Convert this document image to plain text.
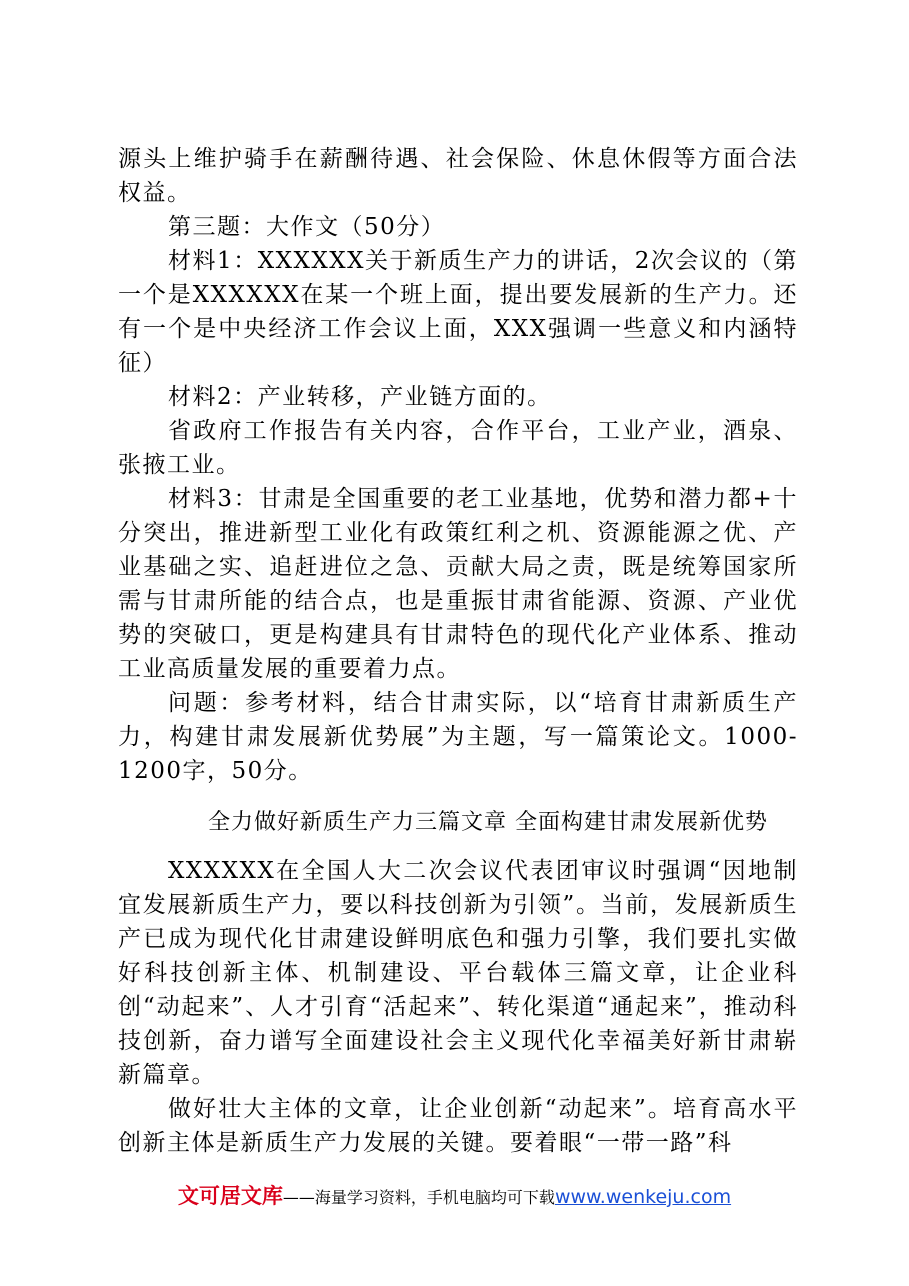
源头上维护骑手在薪酬待遇、社会保险、休息休假等方面合法权益。

第三题：大作文（50分）

材料1：XXXXXX关于新质生产力的讲话，2次会议的（第一个是XXXXXX在某一个班上面，提出要发展新的生产力。还有一个是中央经济工作会议上面，XXX强调一些意义和内涵特征）

材料2：产业转移，产业链方面的。

省政府工作报告有关内容，合作平台，工业产业，酒泉、张掖工业。

材料3：甘肃是全国重要的老工业基地，优势和潜力都+十分突出，推进新型工业化有政策红利之机、资源能源之优、产业基础之实、追赶进位之急、贡献大局之责，既是统筹国家所需与甘肃所能的结合点，也是重振甘肃省能源、资源、产业优势的突破口，更是构建具有甘肃特色的现代化产业体系、推动工业高质量发展的重要着力点。

问题：参考材料，结合甘肃实际，以“培育甘肃新质生产力，构建甘肃发展新优势展”为主题，写一篇策论文。1000-1200字，50分。

全力做好新质生产力三篇文章 全面构建甘肃发展新优势

XXXXXX在全国人大二次会议代表团审议时强调“因地制宜发展新质生产力，要以科技创新为引领”。当前，发展新质生产已成为现代化甘肃建设鲜明底色和强力引擎，我们要扎实做好科技创新主体、机制建设、平台载体三篇文章，让企业科创“动起来”、人才引育“活起来”、转化渠道“通起来”，推动科技创新，奋力谱写全面建设社会主义现代化幸福美好新甘肃崭新篇章。

做好壮大主体的文章，让企业创新“动起来”。培育高水平创新主体是新质生产力发展的关键。要着眼“一带一路”科

文可居文库——海量学习资料，手机电脑均可下载www.wenkeju.com
